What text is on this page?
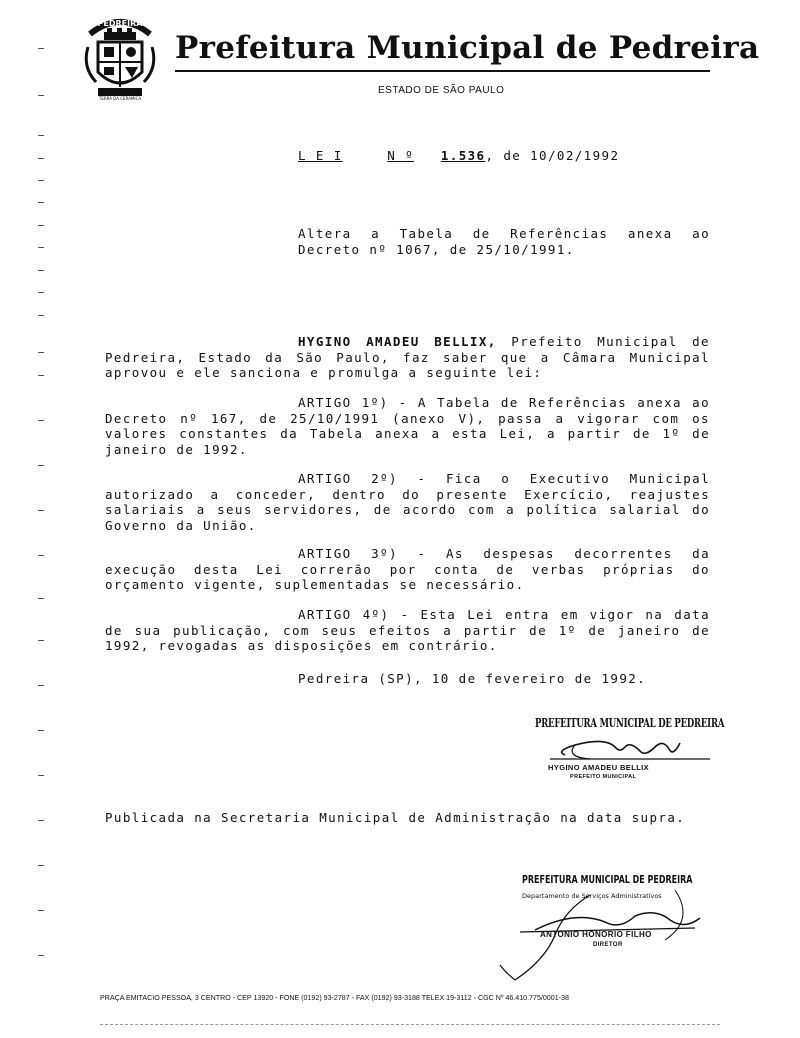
PEDREIRA
TERRA DA CERAMICA
Prefeitura Municipal de Pedreira
ESTADO DE SÃO PAULO
L E I	N º 1.536, de 10/02/1992

Altera a Tabela de Referências anexa ao

Decreto nº 1067, de 25/10/1991.

HYGINO AMADEU BELLIX, Prefeito Municipal de Pedreira, Estado da São Paulo, faz saber que a Câmara Municipal aprovou e ele sanciona e promulga a seguinte lei:
ARTIGO 1º) - A Tabela de Referências anexa ao Decreto nº 167, de 25/10/1991 (anexo V), passa a vigorar com os valores constantes da Tabela anexa a esta Lei, a partir de 1º de janeiro de 1992.
ARTIGO 2º) - Fica o Executivo Municipal autorizado a conceder, dentro do presente Exercício, reajustes salariais a seus servidores, de acordo com a política salarial do Governo da União.
ARTIGO 3º) - As despesas decorrentes da execução desta Lei correrão por conta de verbas próprias do orçamento vigente, suplementadas se necessário.
ARTIGO 4º) - Esta Lei entra em vigor na data de sua publicação, com seus efeitos a partir de 1º de janeiro de 1992, revogadas as disposições em contrário.
Pedreira (SP), 10 de fevereiro de 1992.
PREFEITURA MUNICIPAL DE PEDREIRA
HYGINO AMADEU BELLIX
PREFEITO MUNICIPAL
Publicada na Secretaria Municipal de Administração na data supra.
PREFEITURA MUNICIPAL DE PEDREIRA
Departamento de Serviços Administrativos
ANTONIO HONORIO FILHO
DIRETOR
PRAÇA EMITACIO PESSOA, 3 CENTRO - CEP 13920 - FONE (0192) 93-2787 - FAX (0192) 93-3188 TELEX 19-3112 - CGC Nº 46.410.775/0001-38
